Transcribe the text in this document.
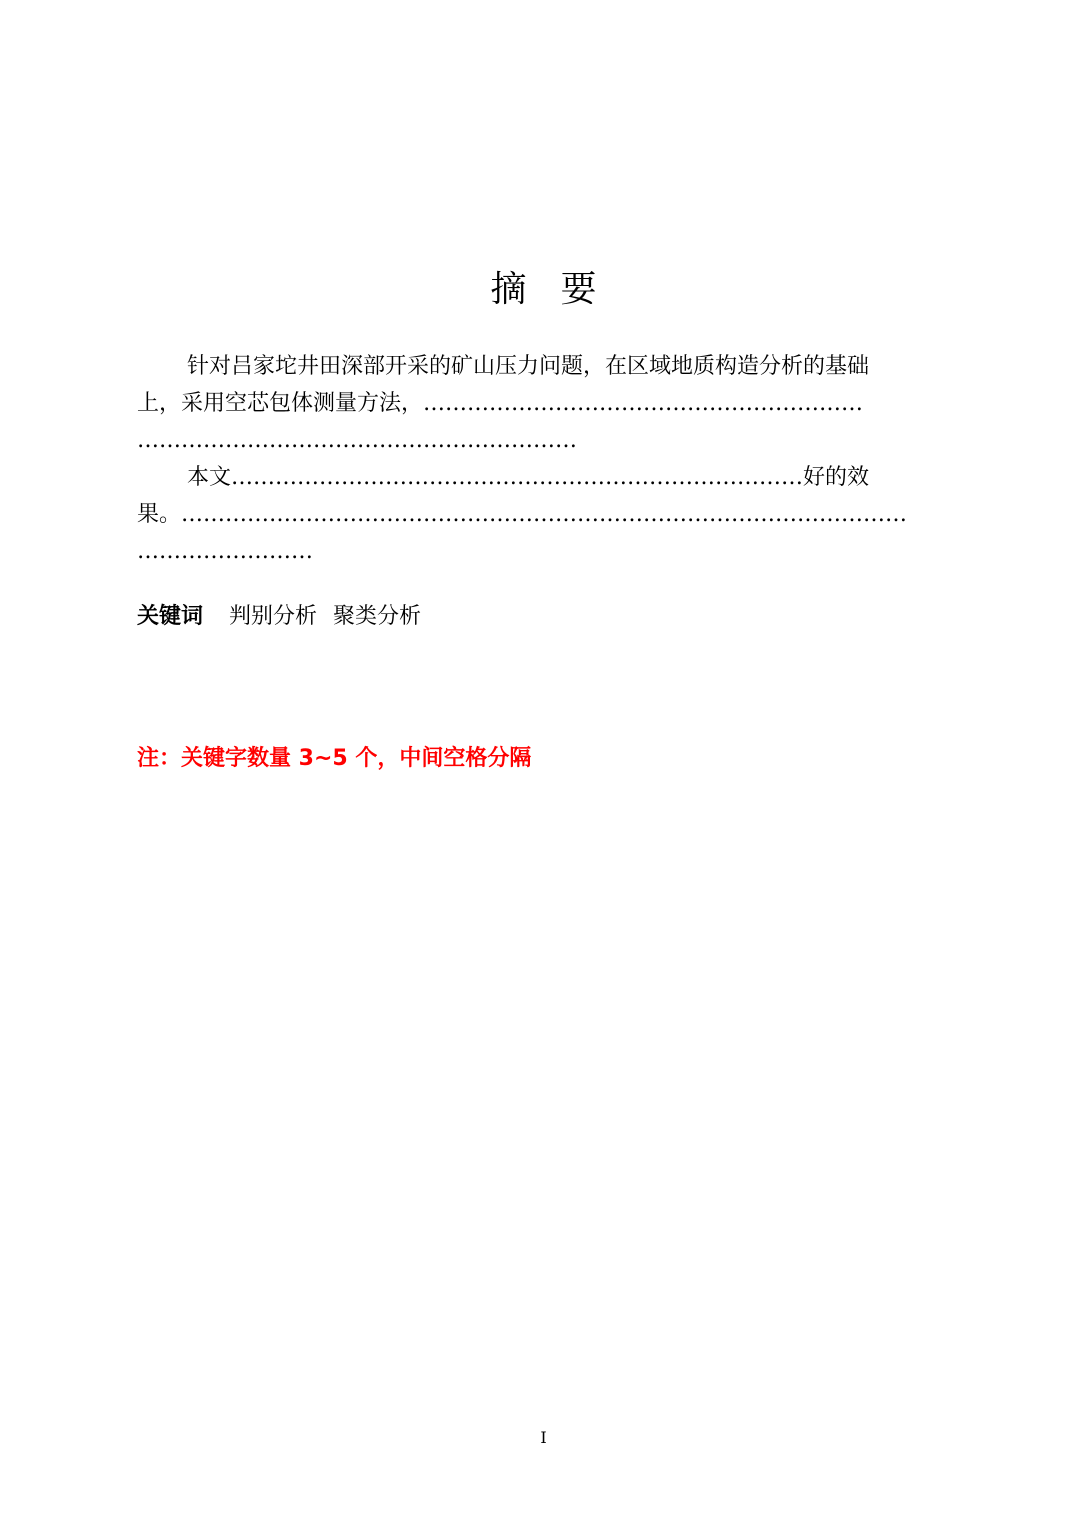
摘 要
针对吕家坨井田深部开采的矿山压力问题，在区域地质构造分析的基础
上，采用空芯包体测量方法，……………………………………………………
……………………………………………………
本文……………………………………………………………………好的效
果。………………………………………………………………………………………
……………………
关键词 判别分析 聚类分析
注：关键字数量 3~5 个，中间空格分隔
I
